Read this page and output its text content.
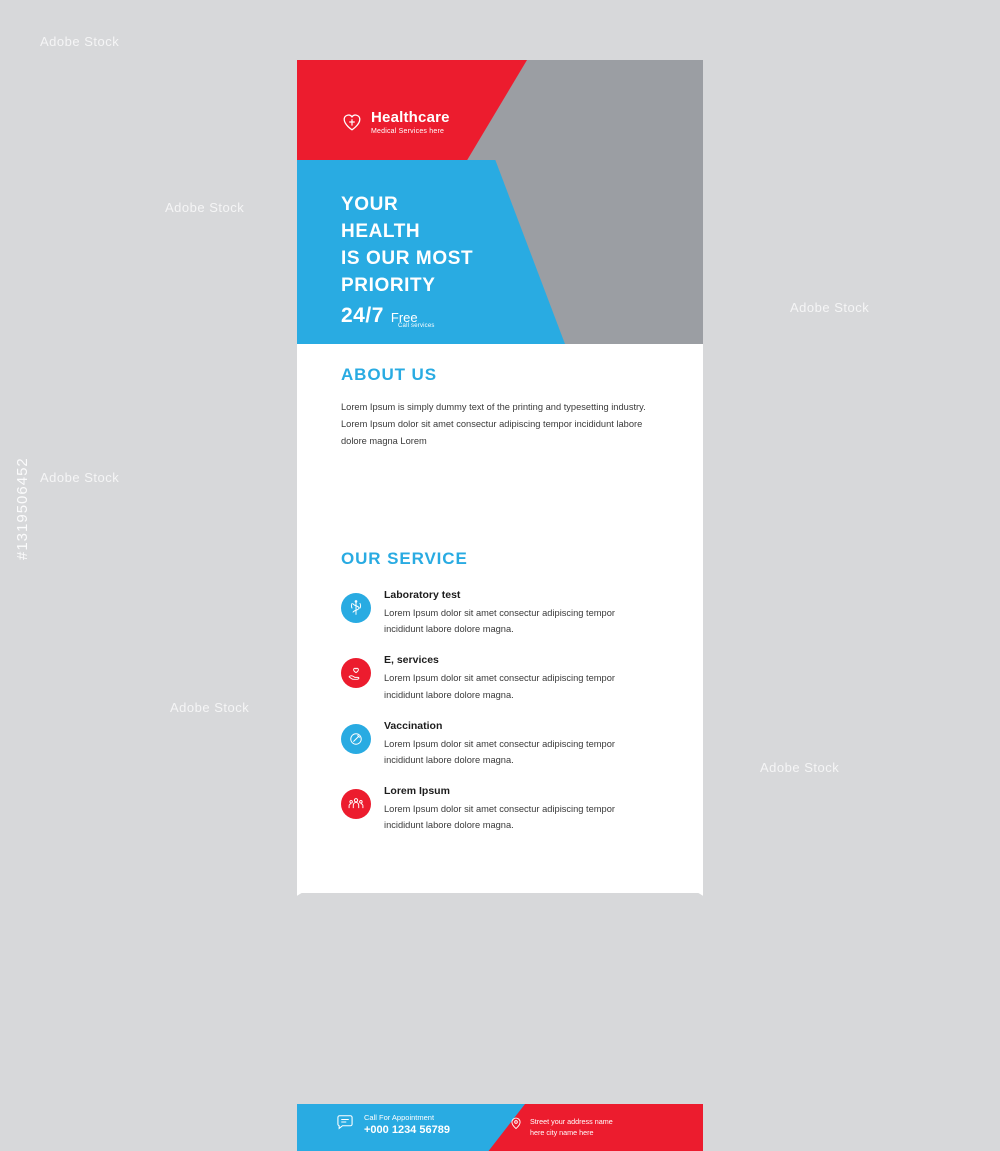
Adobe Stock
Adobe Stock
Adobe Stock
Adobe Stock
Adobe Stock
Adobe Stock
#1319506452
Healthcare
Medical Services here
YOUR
HEALTH
IS OUR MOST
PRIORITY
24/7 Free
Call services
ABOUT US

Lorem Ipsum is simply dummy text of the printing and typesetting industry. Lorem Ipsum dolor sit amet consectur adipiscing tempor incididunt labore dolore magna Lorem

OUR SERVICE
Laboratory test

Lorem Ipsum dolor sit amet consectur adipiscing tempor incididunt labore dolore magna.

E, services

Lorem Ipsum dolor sit amet consectur adipiscing tempor incididunt labore dolore magna.

Vaccination

Lorem Ipsum dolor sit amet consectur adipiscing tempor incididunt labore dolore magna.

Lorem Ipsum

Lorem Ipsum dolor sit amet consectur adipiscing tempor incididunt labore dolore magna.

Call For Appointment
+000 1234 56789
Street your address name
here city name here
